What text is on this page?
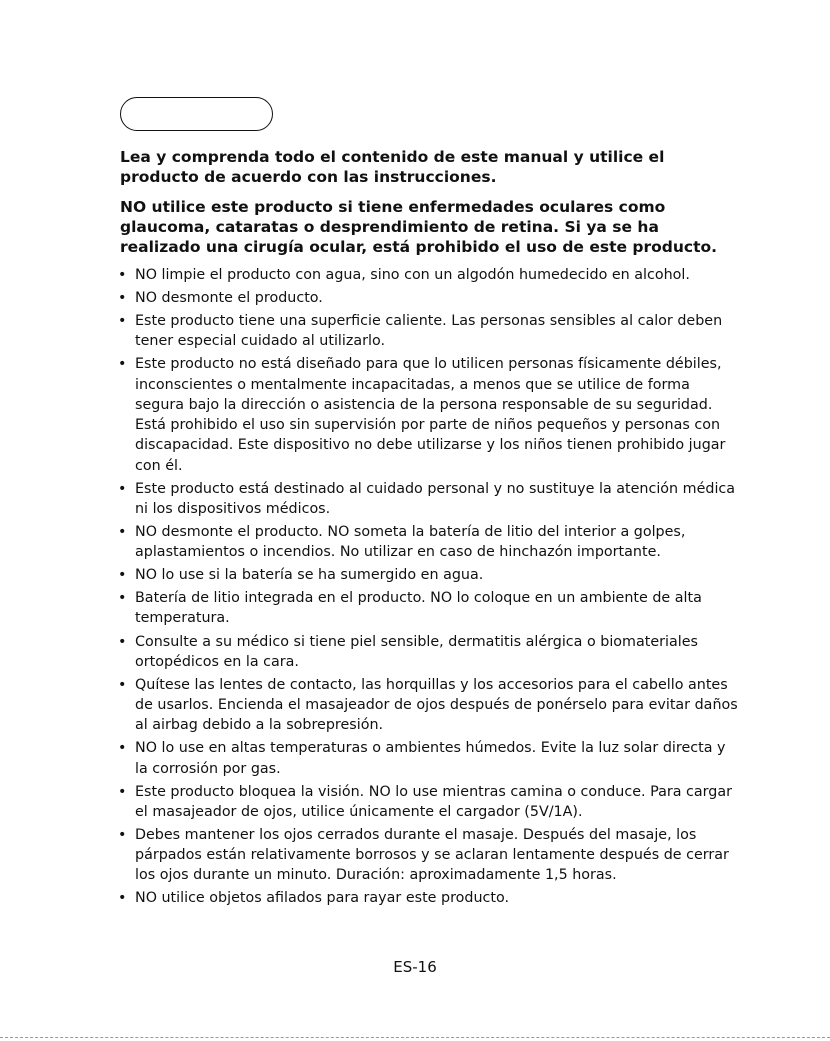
Lea y comprenda todo el contenido de este manual y utilice el producto de acuerdo con las instrucciones.

NO utilice este producto si tiene enfermedades oculares como glaucoma, cataratas o desprendimiento de retina. Si ya se ha realizado una cirugía ocular, está prohibido el uso de este producto.

• NO limpie el producto con agua, sino con un algodón humedecido en alcohol.
• NO desmonte el producto.
• Este producto tiene una superficie caliente. Las personas sensibles al calor deben tener especial cuidado al utilizarlo.
• Este producto no está diseñado para que lo utilicen personas físicamente débiles, inconscientes o mentalmente incapacitadas, a menos que se utilice de forma segura bajo la dirección o asistencia de la persona responsable de su seguridad. Está prohibido el uso sin supervisión por parte de niños pequeños y personas con discapacidad. Este dispositivo no debe utilizarse y los niños tienen prohibido jugar con él.
• Este producto está destinado al cuidado personal y no sustituye la atención médica ni los dispositivos médicos.
• NO desmonte el producto. NO someta la batería de litio del interior a golpes, aplastamientos o incendios. No utilizar en caso de hinchazón importante.
• NO lo use si la batería se ha sumergido en agua.
• Batería de litio integrada en el producto. NO lo coloque en un ambiente de alta temperatura.
• Consulte a su médico si tiene piel sensible, dermatitis alérgica o biomateriales ortopédicos en la cara.
• Quítese las lentes de contacto, las horquillas y los accesorios para el cabello antes de usarlos. Encienda el masajeador de ojos después de ponérselo para evitar daños al airbag debido a la sobrepresión.
• NO lo use en altas temperaturas o ambientes húmedos. Evite la luz solar directa y la corrosión por gas.
• Este producto bloquea la visión. NO lo use mientras camina o conduce. Para cargar el masajeador de ojos, utilice únicamente el cargador (5V/1A).
• Debes mantener los ojos cerrados durante el masaje. Después del masaje, los párpados están relativamente borrosos y se aclaran lentamente después de cerrar los ojos durante un minuto. Duración: aproximadamente 1,5 horas.
• NO utilice objetos afilados para rayar este producto.
ES-16
